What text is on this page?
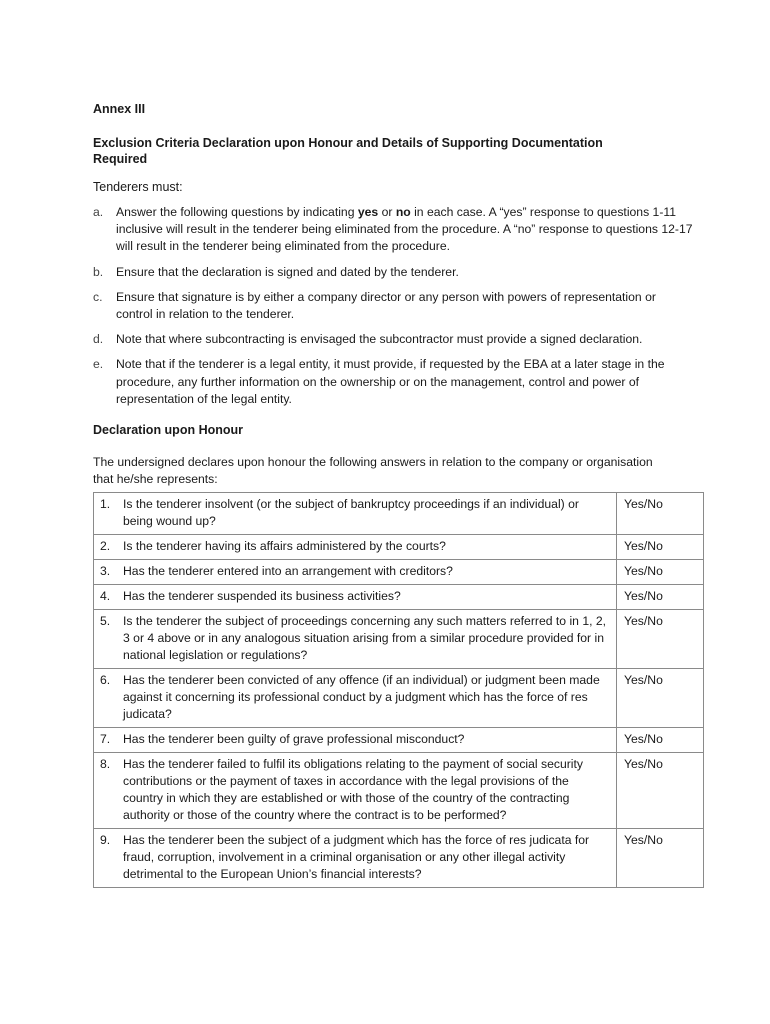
Annex III
Exclusion Criteria Declaration upon Honour and Details of Supporting Documentation Required
Tenderers must:
a. Answer the following questions by indicating yes or no in each case. A “yes” response to questions 1-11 inclusive will result in the tenderer being eliminated from the procedure. A “no” response to questions 12-17 will result in the tenderer being eliminated from the procedure.
b. Ensure that the declaration is signed and dated by the tenderer.
c. Ensure that signature is by either a company director or any person with powers of representation or control in relation to the tenderer.
d. Note that where subcontracting is envisaged the subcontractor must provide a signed declaration.
e. Note that if the tenderer is a legal entity, it must provide, if requested by the EBA at a later stage in the procedure, any further information on the ownership or on the management, control and power of representation of the legal entity.
Declaration upon Honour
The undersigned declares upon honour the following answers in relation to the company or organisation that he/she represents:
1. Is the tenderer insolvent (or the subject of bankruptcy proceedings if an individual) or being wound up?	Yes/No

2. Is the tenderer having its affairs administered by the courts?	Yes/No

3. Has the tenderer entered into an arrangement with creditors?	Yes/No

4. Has the tenderer suspended its business activities?	Yes/No

5. Is the tenderer the subject of proceedings concerning any such matters referred to in 1, 2, 3 or 4 above or in any analogous situation arising from a similar procedure provided for in national legislation or regulations?	Yes/No

6. Has the tenderer been convicted of any offence (if an individual) or judgment been made against it concerning its professional conduct by a judgment which has the force of res judicata?	Yes/No

7. Has the tenderer been guilty of grave professional misconduct?	Yes/No

8. Has the tenderer failed to fulfil its obligations relating to the payment of social security contributions or the payment of taxes in accordance with the legal provisions of the country in which they are established or with those of the country of the contracting authority or those of the country where the contract is to be performed?	Yes/No

9. Has the tenderer been the subject of a judgment which has the force of res judicata for fraud, corruption, involvement in a criminal organisation or any other illegal activity detrimental to the European Union’s financial interests?	Yes/No
